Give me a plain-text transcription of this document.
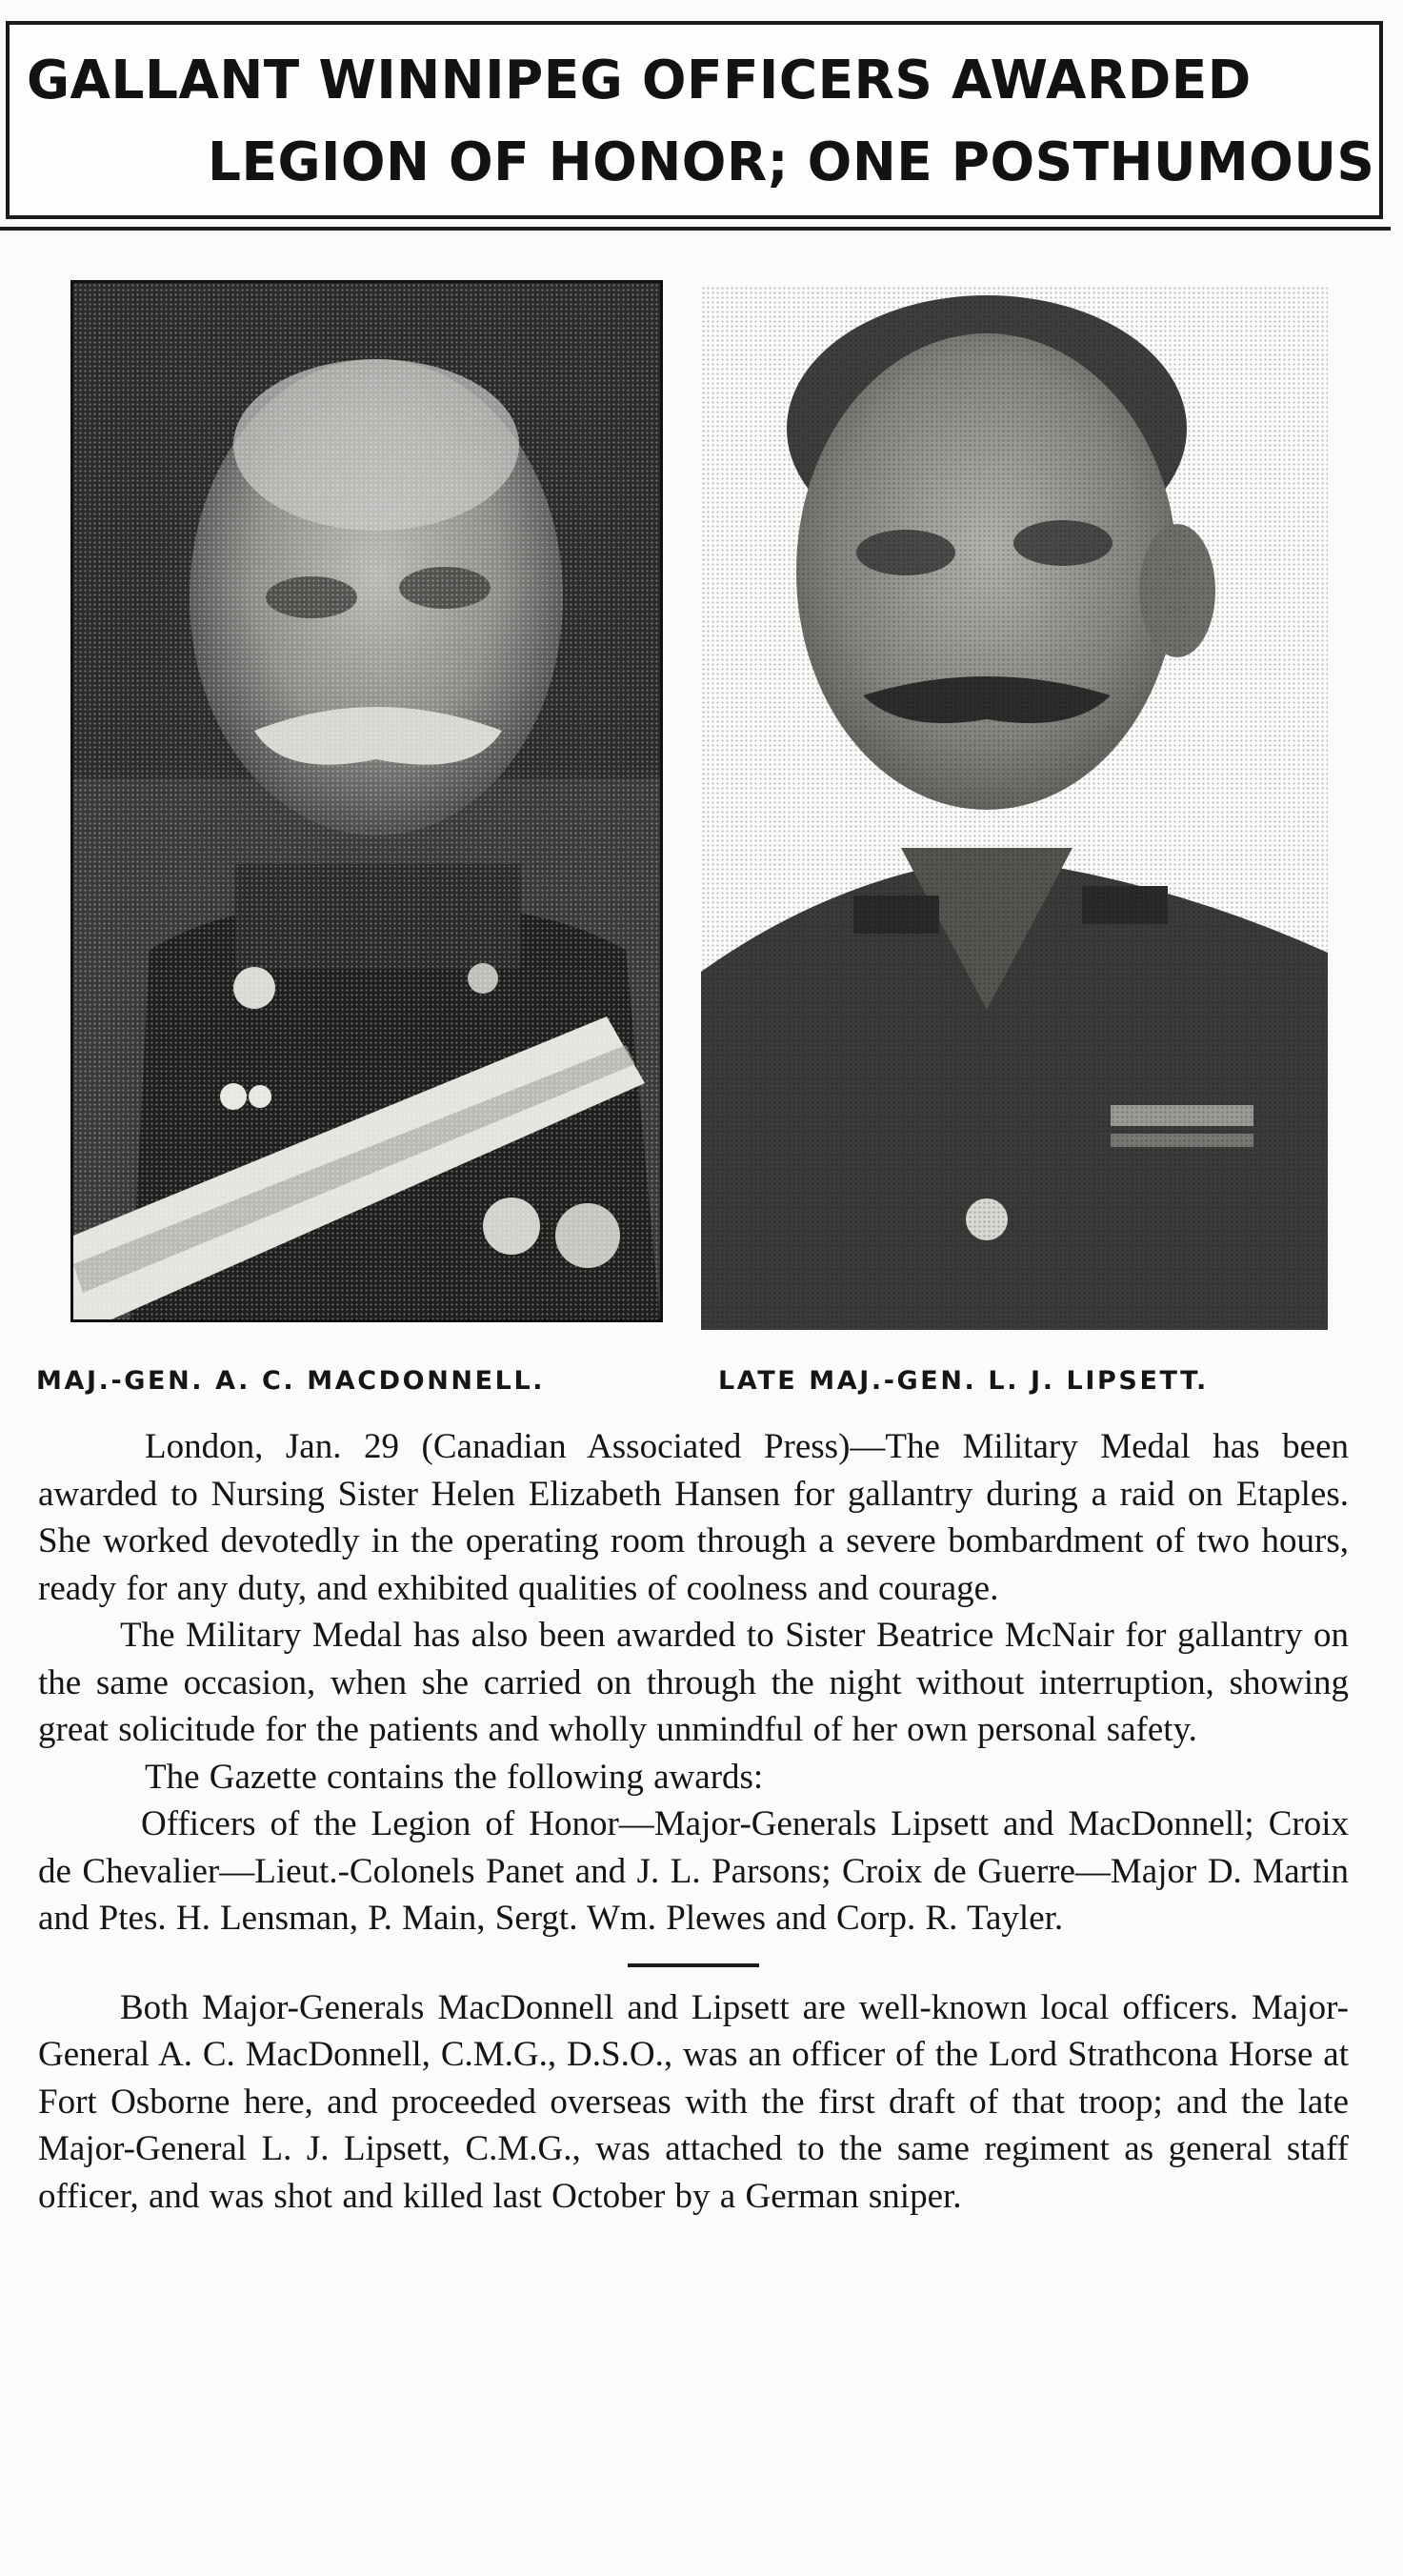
GALLANT WINNIPEG OFFICERS AWARDED
LEGION OF HONOR; ONE POSTHUMOUS
MAJ.-GEN. A. C. MACDONNELL.	LATE MAJ.-GEN. L. J. LIPSETT.

London, Jan. 29 (Canadian Associated Press)—The Military Medal has been awarded to Nursing Sister Helen Elizabeth Hansen for gallantry during a raid on Etaples. She worked devotedly in the operating room through a severe bombardment of two hours, ready for any duty, and exhibited qualities of coolness and courage.

The Military Medal has also been awarded to Sister Beatrice McNair for gallantry on the same occasion, when she carried on through the night without interruption, showing great solicitude for the patients and wholly unmindful of her own personal safety.

The Gazette contains the following awards:

Officers of the Legion of Honor—Major-Generals Lipsett and MacDonnell; Croix de Chevalier—Lieut.-Colonels Panet and J. L. Parsons; Croix de Guerre—Major D. Martin and Ptes. H. Lensman, P. Main, Sergt. Wm. Plewes and Corp. R. Tayler.

Both Major-Generals MacDonnell and Lipsett are well-known local officers. Major-General A. C. MacDonnell, C.M.G., D.S.O., was an officer of the Lord Strathcona Horse at Fort Osborne here, and proceeded overseas with the first draft of that troop; and the late Major-General L. J. Lipsett, C.M.G., was attached to the same regiment as general staff officer, and was shot and killed last October by a German sniper.
